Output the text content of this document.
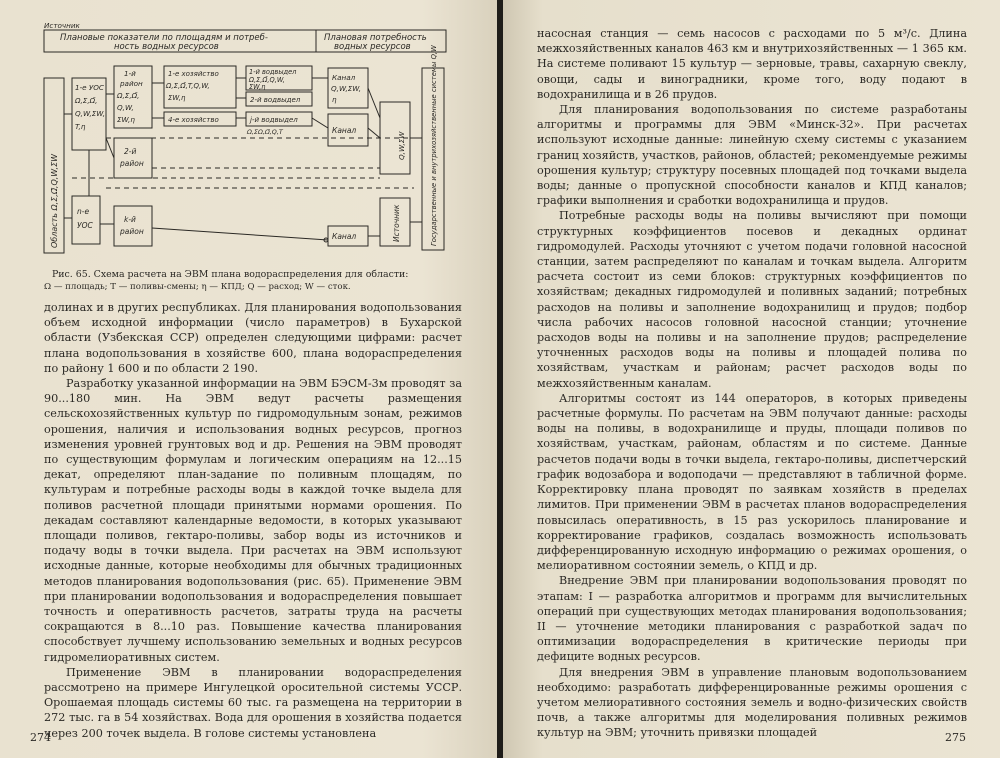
Плановые показатели по площадям и потреб-
ность водных ресурсов
Плановая потребность
водных ресурсов
Область Ω,Σ,Ω̄,Q,W,ΣW
1-е УОС Ω,Σ,Ω̄, Q,W,ΣW, T,η
n-е УОС
1-й район Ω,Σ,Ω̄, Q,W, ΣW,η
2-й район
k-й район
1-е хозяйство Ω,Σ,Ω̄,T,Q,W, ΣW,η
4-е хозяйство
1-й водвыдел Ω,Σ,Ω̄,Q,W, ΣW,η
2-й водвыдел
j-й водвыдел
Ω,ΣΩ,Ω̄,Q,T
Канал Q,W,ΣW, η
Канал
Канал
Источник
Q,W,ΣW
Источник	Государственные и внутрихозяйственные системы Q,W
Рис. 65. Схема расчета на ЭВМ плана водораспределения для области:
Ω — площадь; T — поливы-смены; η — КПД; Q — расход; W — сток.

долинах и в других республиках. Для планирования водопользования объем исходной информации (число параметров) в Бухарской области (Узбекская ССР) определен следующими цифрами: расчет плана водопользования в хозяйстве 600, плана водораспределения по району 1 600 и по области 2 190.

Разработку указанной информации на ЭВМ БЭСМ-3м проводят за 90...180 мин. На ЭВМ ведут расчеты размещения сельскохозяйственных культур по гидромодульным зонам, режимов орошения, наличия и использования водных ресурсов, прогноз изменения уровней грунтовых вод и др. Решения на ЭВМ проводят по существующим формулам и логическим операциям на 12...15 декат, определяют план-задание по поливным площадям, по культурам и потребные расходы воды в каждой точке выдела для поливов расчетной площади принятыми нормами орошения. По декадам составляют календарные ведомости, в которых указывают площади поливов, гектаро-поливы, забор воды из источников и подачу воды в точки выдела. При расчетах на ЭВМ используют исходные данные, которые необходимы для обычных традиционных методов планирования водопользования (рис. 65). Применение ЭВМ при планировании водопользования и водораспределения повышает точность и оперативность расчетов, затраты труда на расчеты сокращаются в 8...10 раз. Повышение качества планирования способствует лучшему использованию земельных и водных ресурсов гидромелиоративных систем.

Применение ЭВМ в планировании водораспределения рассмотрено на примере Ингулецкой оросительной системы УССР. Орошаемая площадь системы 60 тыс. га размещена на территории в 272 тыс. га в 54 хозяйствах. Вода для орошения в хозяйства подается через 200 точек выдела. В голове системы установлена

274

насосная станция — семь насосов с расходами по 5 м³/с. Длина межхозяйственных каналов 463 км и внутрихозяйственных — 1 365 км. На системе поливают 15 культур — зерновые, травы, сахарную свеклу, овощи, сады и виноградники, кроме того, воду подают в водохранилища и в 26 прудов.

Для планирования водопользования по системе разработаны алгоритмы и программы для ЭВМ «Минск-32». При расчетах используют исходные данные: линейную схему системы с указанием границ хозяйств, участков, районов, областей; рекомендуемые режимы орошения культур; структуру посевных площадей под точками выдела воды; данные о пропускной способности каналов и КПД каналов; графики выполнения и сработки водохранилища и прудов.

Потребные расходы воды на поливы вычисляют при помощи структурных коэффициентов посевов и декадных ординат гидромодулей. Расходы уточняют с учетом подачи головной насосной станции, затем распределяют по каналам и точкам выдела. Алгоритм расчета состоит из семи блоков: структурных коэффициентов по хозяйствам; декадных гидромодулей и поливных заданий; потребных расходов на поливы и заполнение водохранилищ и прудов; подбор числа рабочих насосов головной насосной станции; уточнение расходов воды на поливы и на заполнение прудов; распределение уточненных расходов воды на поливы и площадей полива по хозяйствам, участкам и районам; расчет расходов воды по межхозяйственным каналам.

Алгоритмы состоят из 144 операторов, в которых приведены расчетные формулы. По расчетам на ЭВМ получают данные: расходы воды на поливы, в водохранилище и пруды, площади поливов по хозяйствам, участкам, районам, областям и по системе. Данные расчетов подачи воды в точки выдела, гектаро-поливы, диспетчерский график водозабора и водоподачи — представляют в табличной форме. Корректировку плана проводят по заявкам хозяйств в пределах лимитов. При применении ЭВМ в расчетах планов водораспределения повысилась оперативность, в 15 раз ускорилось планирование и корректирование графиков, создалась возможность использовать дифференцированную исходную информацию о режимах орошения, о мелиоративном состоянии земель, о КПД и др.

Внедрение ЭВМ при планировании водопользования проводят по этапам: I — разработка алгоритмов и программ для вычислительных операций при существующих методах планирования водопользования; II — уточнение методики планирования с разработкой задач по оптимизации водораспределения в критические периоды при дефиците водных ресурсов.

Для внедрения ЭВМ в управление плановым водопользованием необходимо: разработать дифференцированные режимы орошения с учетом мелиоративного состояния земель и водно-физических свойств почв, а также алгоритмы для моделирования поливных режимов культур на ЭВМ; уточнить привязки площадей	275
